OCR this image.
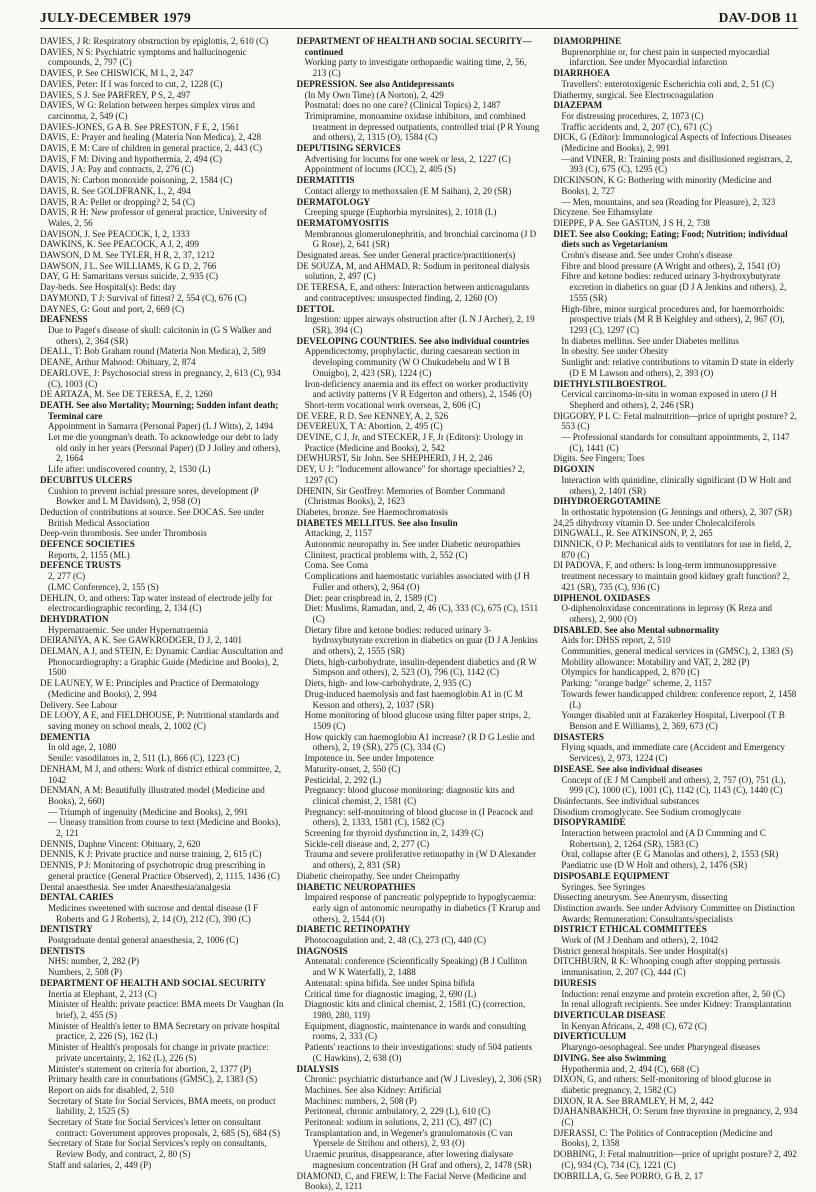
JULY-DECEMBER 1979	DAV-DOB 11

DAVIES, J R: Respiratory obstruction by epiglottis, 2, 610 (C)

DAVIES, N S: Psychiatric symptoms and hallucinogenic compounds, 2, 797 (C)

DAVIES, P. See CHISWICK, M L, 2, 247

DAVIES, Peter: If I was forced to cut, 2, 1228 (C)

DAVIES, S J. See PARFREY, P S, 2, 497

DAVIES, W G: Relation between herpes simplex virus and carcinoma, 2, 549 (C)

DAVIES-JONES, G A B. See PRESTON, F E, 2, 1561

DAVIS, E: Prayer and healing (Materia Non Medica), 2, 428

DAVIS, E M: Care of children in general practice, 2, 443 (C)

DAVIS, F M: Diving and hypothermia, 2, 494 (C)

DAVIS, J A: Pay and contracts, 2, 276 (C)

DAVIS, N: Carbon monoxide poisoning, 2, 1584 (C)

DAVIS, R. See GOLDFRANK, L, 2, 494

DAVIS, R A: Pellet or dropping? 2, 54 (C)

DAVIS, R H: New professor of general practice, University of Wales, 2, 56

DAVISON, J. See PEACOCK, I, 2, 1333

DAWKINS, K. See PEACOCK, A J, 2, 499

DAWSON, D M. See TYLER, H R, 2, 37, 1212

DAWSON, J L. See WILLIAMS, K G D, 2, 766

DAY, G H: Samaritans versus suicide, 2, 935 (C)

Day-beds. See Hospital(s): Beds: day

DAYMOND, T J: Survival of fittest? 2, 554 (C), 676 (C)

DAYNES, G: Gout and port, 2, 669 (C)

DEAFNESS

Due to Paget's disease of skull: calcitonin in (G S Walker and others), 2, 364 (SR)

DEALL, T: Bob Graham round (Materia Non Medica), 2, 589

DEANE, Arthur Mahood: Obituary, 2, 874

DEARLOVE, J: Psychosocial stress in pregnancy, 2, 613 (C), 934 (C), 1003 (C)

DE ARTAZA, M. See DE TERESA, E, 2, 1260

DEATH. See also Mortality; Mourning; Sudden infant death; Terminal care

Appointment in Samarra (Personal Paper) (L J Witts), 2, 1494

Let me die youngman's death. To acknowledge our debt to lady old only in her years (Personal Paper) (D J Jolley and others), 2, 1664

Life after: undiscovered country, 2, 1530 (L)

DECUBITUS ULCERS

Cushion to prevent ischial pressure sores, development (P Bowker and L M Davidson), 2, 958 (O)

Deduction of contributions at source. See DOCAS. See under British Medical Association

Deep-vein thrombosis. See under Thrombosis

DEFENCE SOCIETIES

Reports, 2, 1155 (ML)

DEFENCE TRUSTS

2, 277 (C)

(LMC Conference), 2, 155 (S)

DEHLIN, O, and others: Tap water instead of electrode jelly for electrocardiographic recording, 2, 134 (C)

DEHYDRATION

Hypernatraemic. See under Hypernatraemia

DEIRANIYA, A K. See GAWKRODGER, D J, 2, 1401

DELMAN, A J, and STEIN, E: Dynamic Cardiac Auscultation and Phonocardiography: a Graphic Guide (Medicine and Books), 2, 1500

DE LAUNEY, W E: Principles and Practice of Dermatology (Medicine and Books), 2, 994

Delivery. See Labour

DE LOOY, A E, and FIELDHOUSE, P: Nutritional standards and saving money on school meals, 2, 1002 (C)

DEMENTIA

In old age, 2, 1080

Senile: vasodilators in, 2, 511 (L), 866 (C), 1223 (C)

DENHAM, M J, and others: Work of district ethical committee, 2, 1042

DENMAN, A M: Beautifully illustrated model (Medicine and Books), 2, 660)

— Triumph of ingenuity (Medicine and Books), 2, 991

— Uneasy transition from course to text (Medicine and Books), 2, 121

DENNIS, Daphne Vincent: Obituary, 2, 620

DENNIS, K J: Private practice and nurse training, 2, 615 (C)

DENNIS, P J: Monitoring of psychotropic drug prescribing in general practice (General Practice Observed), 2, 1115, 1436 (C)

Dental anaesthesia. See under Anaesthesia/analgesia

DENTAL CARIES

Medicines sweetened with sucrose and dental disease (I F Roberts and G J Roberts), 2, 14 (O), 212 (C), 390 (C)

DENTISTRY

Postgraduate dental general anaesthesia, 2, 1006 (C)

DENTISTS

NHS: number, 2, 282 (P)

Numbers, 2, 508 (P)

DEPARTMENT OF HEALTH AND SOCIAL SECURITY

Inertia at Elephant, 2, 213 (C)

Minister of Health: private practice: BMA meets Dr Vaughan (In brief), 2, 455 (S)

Minister of Health's letter to BMA Secretary on private hospital practice, 2, 226 (S), 162 (L)

Minister of Health's proposals for change in private practice: private uncertainty, 2, 162 (L), 226 (S)

Minister's statement on criteria for abortion, 2, 1377 (P)

Primary health care in conurbations (GMSC), 2, 1383 (S)

Report on aids for disabled, 2, 510

Secretary of State for Social Services, BMA meets, on product liability, 2, 1525 (S)

Secretary of State for Social Services's letter on consultant contract: Government approves proposals, 2, 685 (S), 684 (S)

Secretary of State for Social Services's reply on consultants, Review Body, and contract, 2, 80 (S)

Staff and salaries, 2, 449 (P)

DEPARTMENT OF HEALTH AND SOCIAL SECURITY—continued

Working party to investigate orthopaedic waiting time, 2, 56, 213 (C)

DEPRESSION. See also Antidepressants

(In My Own Time) (A Norton), 2, 429

Postnatal: does no one care? (Clinical Topics) 2, 1487

Trimipramine, monoamine oxidase inhibitors, and combined treatment in depressed outpatients, controlled trial (P R Young and others), 2, 1315 (O), 1584 (C)

DEPUTISING SERVICES

Advertising for locums for one week or less, 2, 1227 (C)

Appointment of locums (JCC), 2, 405 (S)

DERMATITIS

Contact allergy to methoxsalen (E M Saihan), 2, 20 (SR)

DERMATOLOGY

Creeping spurge (Euphorbia myrsinites), 2, 1018 (L)

DERMATOMYOSITIS

Membranous glomerulonephritis, and bronchial carcinoma (J D G Rose), 2, 641 (SR)

Designated areas. See under General practice/practitioner(s)

DE SOUZA, M, and AHMAD, R: Sodium in peritoneal dialysis solution, 2, 497 (C)

DE TERESA, E, and others: Interaction between anticoagulants and contraceptives: unsuspected finding, 2, 1260 (O)

DETTOL

Ingestion: upper airways obstruction after (L N J Archer), 2, 19 (SR), 394 (C)

DEVELOPING COUNTRIES. See also individual countries

Appendicectomy, prophylactic, during caesarean section in developing community (W O Chukudebelu and W I B Onuigbo), 2, 423 (SR), 1224 (C)

Iron-deficiency anaemia and its effect on worker productivity and activity patterns (V R Edgerton and others), 2, 1546 (O)

Short-term vocational work overseas, 2, 606 (C)

DE VERE, R D. See KENNEY, A, 2, 526

DEVEREUX, T A: Abortion, 2, 495 (C)

DEVINE, C J, Jr, and STECKER, J F, Jr (Editors): Urology in Practice (Medicine and Books), 2, 542

DEWHURST, Sir John. See SHEPHERD, J H, 2, 246

DEY, U J: "Inducement allowance" for shortage specialties? 2, 1297 (C)

DHENIN, Sir Geoffrey: Memories of Bomber Command (Christmas Books), 2, 1623

Diabetes, bronze. See Haemochromatosis

DIABETES MELLITUS. See also Insulin

Attacking, 2, 1157

Autonomic neuropathy in. See under Diabetic neuropathies

Clinitest, practical problems with, 2, 552 (C)

Coma. See Coma

Complications and haemostatic variables associated with (J H Fuller and others), 2, 964 (O)

Diet: pear crispbread in, 2, 1589 (C)

Diet: Muslims, Ramadan, and, 2, 46 (C), 333 (C), 675 (C), 1511 (C)

Dietary fibre and ketone bodies: reduced urinary 3-hydroxybutyrate excretion in diabetics on guar (D J A Jenkins and others), 2, 1555 (SR)

Diets, high-carbohydrate, insulin-dependent diabetics and (R W Simpson and others), 2, 523 (O), 796 (C), 1142 (C)

Diets, high- and low-carbohydrate, 2, 935 (C)

Drug-induced haemolysis and fast haemoglobin A1 in (C M Kesson and others), 2, 1037 (SR)

Home monitoring of blood glucose using filter paper strips, 2, 1509 (C)

How quickly can haemoglobin A1 increase? (R D G Leslie and others), 2, 19 (SR), 275 (C), 334 (C)

Impotence in. See under Impotence

Maturity-onset, 2, 550 (C)

Pesticidal, 2, 292 (L)

Pregnancy: blood glucose monitoring: diagnostic kits and clinical chemist, 2, 1581 (C)

Pregnancy: self-monitoring of blood glucose in (I Peacock and others), 2, 1333, 1581 (C), 1582 (C)

Screening for thyroid dysfunction in, 2, 1439 (C)

Sickle-cell disease and, 2, 277 (C)

Trauma and severe proliferative retinopathy in (W D Alexander and others), 2, 831 (SR)

Diabetic cheiropathy. See under Cheiropathy

DIABETIC NEUROPATHIES

Impaired response of pancreatic polypeptide to hypoglycaemia: early sign of autonomic neuropathy in diabetics (T Krarup and others), 2, 1544 (O)

DIABETIC RETINOPATHY

Photocoagulation and, 2, 48 (C), 273 (C), 440 (C)

DIAGNOSIS

Antenatal: conference (Scientifically Speaking) (B J Culliton and W K Waterfall), 2, 1488

Antenatal: spina bifida. See under Spina bifida

Critical time for diagnostic imaging, 2, 690 (L)

Diagnostic kits and clinical chemist, 2, 1581 (C) (correction, 1980, 280, 119)

Equipment, diagnostic, maintenance in wards and consulting rooms, 2, 333 (C)

Patients' reactions to their investigations: study of 504 patients (C Hawkins), 2, 638 (O)

DIALYSIS

Chronic: psychiatric disturbance and (W J Livesley), 2, 306 (SR)

Machines. See also Kidney: Artificial

Machines: numbers, 2, 508 (P)

Peritoneal, chronic ambulatory, 2, 229 (L), 610 (C)

Peritoneal: sodium in solutions, 2, 211 (C), 497 (C)

Transplantation and, in Wegener's granulomatosis (C van Ypersele de Strihou and others), 2, 93 (O)

Uraemic pruritus, disappearance, after lowering dialysate magnesium concentration (H Graf and others), 2, 1478 (SR)

DIAMOND, C, and FREW, I: The Facial Nerve (Medicine and Books), 2, 1211

DIAMORPHINE

Buprenorphine or, for chest pain in suspected myocardial infarction. See under Myocardial infarction

DIARRHOEA

Travellers': enterotoxigenic Escherichia coli and, 2, 51 (C)

Diathermy, surgical. See Electrocoagulation

DIAZEPAM

For distressing procedures, 2, 1073 (C)

Traffic accidents and, 2, 207 (C), 671 (C)

DICK, G (Editor): Immunological Aspects of Infectious Diseases (Medicine and Books), 2, 991

—and VINER, R: Training posts and disillusioned registrars, 2, 393 (C), 675 (C), 1295 (C)

DICKINSON, K G: Bothering with minority (Medicine and Books), 2, 727

— Men, mountains, and sea (Reading for Pleasure), 2, 323

Dicyzene. See Ethamsylate

DIEPPE, P A. See GASTON, J S H, 2, 738

DIET. See also Cooking; Eating; Food; Nutrition; individual diets such as Vegetarianism

Crohn's disease and. See under Crohn's disease

Fibre and blood pressure (A Wright and others), 2, 1541 (O)

Fibre and ketone bodies: reduced urinary 3-hydroxybutyrate excretion in diabetics on guar (D J A Jenkins and others), 2, 1555 (SR)

High-fibre, minor surgical procedures and, for haemorrhoids: prospective trials (M R B Keighley and others), 2, 967 (O), 1293 (C), 1297 (C)

In diabetes mellitus. See under Diabetes mellitus

In obesity. See under Obesity

Sunlight and: relative contributions to vitamin D state in elderly (D E M Lawson and others), 2, 393 (O)

DIETHYLSTILBOESTROL

Cervical carcinoma-in-situ in woman exposed in utero (J H Shepherd and others), 2, 246 (SR)

DIGGORY, P L C: Fetal malnutrition—price of upright posture? 2, 553 (C)

— Professional standards for consultant appointments, 2, 1147 (C), 1441 (C)

Digits. See Fingers; Toes

DIGOXIN

Interaction with quinidine, clinically significant (D W Holt and others), 2, 1401 (SR)

DIHYDROERGOTAMINE

In orthostatic hypotension (G Jennings and others), 2, 307 (SR)

24,25 dihydroxy vitamin D. See under Cholecalciferols

DINGWALL, R. See ATKINSON, P, 2, 265

DINNICK, O P: Mechanical aids to ventilators for use in field, 2, 870 (C)

DI PADOVA, F, and others: Is long-term immunosuppressive treatment necessary to maintain good kidney graft function? 2, 421 (SR), 735 (C), 936 (C)

DIPHENOL OXIDASES

O-diphenoloxidase concentrations in leprosy (K Reza and others), 2, 900 (O)

DISABLED. See also Mental subnormality

Aids for: DHSS report, 2, 510

Communities, general medical services in (GMSC), 2, 1383 (S)

Mobility allowance: Motability and VAT, 2, 282 (P)

Olympics for handicapped, 2, 870 (C)

Parking: "orange badge" scheme, 2, 1157

Towards fewer handicapped children: conference report, 2, 1458 (L)

Younger disabled unit at Fazakerley Hospital, Liverpool (T B Benson and E Williams), 2, 369, 673 (C)

DISASTERS

Flying squads, and immediate care (Accident and Emergency Services), 2, 973, 1224 (C)

DISEASE. See also individual diseases

Concept of (E J M Campbell and others), 2, 757 (O), 751 (L), 999 (C), 1000 (C), 1001 (C), 1142 (C), 1143 (C), 1440 (C)

Disinfectants. See individual substances

Disodium cromoglycate. See Sodium cromoglycate

DISOPYRAMIDE

Interaction between practolol and (A D Cumming and C Robertson), 2, 1264 (SR), 1583 (C)

Oral, collapse after (E G Manolas and others), 2, 1553 (SR)

Paediatric use (D W Holt and others), 2, 1476 (SR)

DISPOSABLE EQUIPMENT

Syringes. See Syringes

Dissecting aneurysm. See Aneurysm, dissecting

Distinction awards. See under Advisory Committee on Distinction Awards; Remuneration: Consultants/specialists

DISTRICT ETHICAL COMMITTEES

Work of (M J Denham and others), 2, 1042

District general hospitals. See under Hospital(s)

DITCHBURN, R K: Whooping cough after stopping pertussis immunisation, 2, 207 (C), 444 (C)

DIURESIS

Induction: renal enzyme and protein excretion after, 2, 50 (C)

In renal allograft recipients. See under Kidney: Transplantation

DIVERTICULAR DISEASE

In Kenyan Africans, 2, 498 (C), 672 (C)

DIVERTICULUM

Pharyngo-oesophageal. See under Pharyngeal diseases

DIVING. See also Swimming

Hypothermia and, 2, 494 (C), 668 (C)

DIXON, G, and others: Self-monitoring of blood glucose in diabetic pregnancy, 2, 1582 (C)

DIXON, R A. See BRAMLEY, H M, 2, 442

DJAHANBAKHCH, O: Serum free thyroxine in pregnancy, 2, 934 (C)

DJERASSI, C: The Politics of Contraception (Medicine and Books), 2, 1358

DOBBING, J: Fetal malnutrition—price of upright posture? 2, 492 (C), 934 (C), 734 (C), 1221 (C)

DOBRILLA, G. See PORRO, G B, 2, 17
